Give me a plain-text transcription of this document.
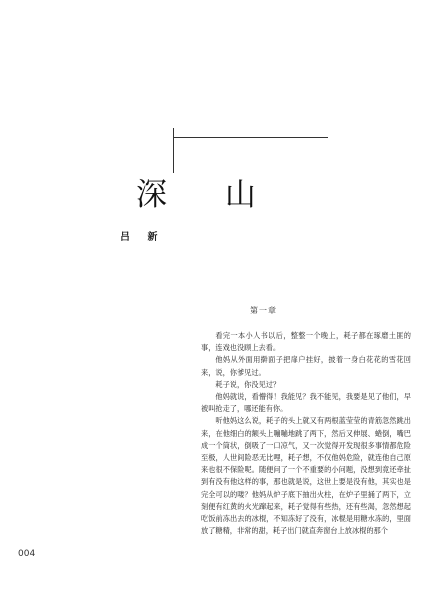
深 山
吕 新
第一章

看完一本小人书以后，整整一个晚上，耗子都在琢磨土匪的事，连戏也没顾上去看。

他妈从外面用擀面子把扉户挂好，披着一身白花花的雪花回来，说，你爹见过。

耗子说，你没见过？

他妈就说，看懵得！我能见？我不能见，我要是见了他们，早被叫抢走了，哪还能有你。

听他妈这么说，耗子的头上就又有两根蓝莹莹的青筋忽然跳出来，在他细白的额头上嘣嘣地跳了两下，然后又伸展、蜷倒，嘴巴成一个筒状，倒吸了一口凉气，又一次觉得开发现很多事情都危险至极，人世间险恶无比哩，耗子想，不仅他妈危险，就连他自己原来也很不保险呢。随便问了一个不重要的小问题，没想到竟还牵扯到有没有他这样的事，那也就是说，这世上要是没有他，其实也是完全可以的喽？他妈从炉子底下抽出火柱，在炉子里捅了两下，立刻便有红黄的火光蹿起来，耗子觉得有些热，还有些渴，忽然想起吃饭前冻出去的冰棍，不知冻好了没有，冰棍是用糖水冻的，里面放了糖精，非常的甜，耗子出门就直奔窗台上放冰棍的那个

004
